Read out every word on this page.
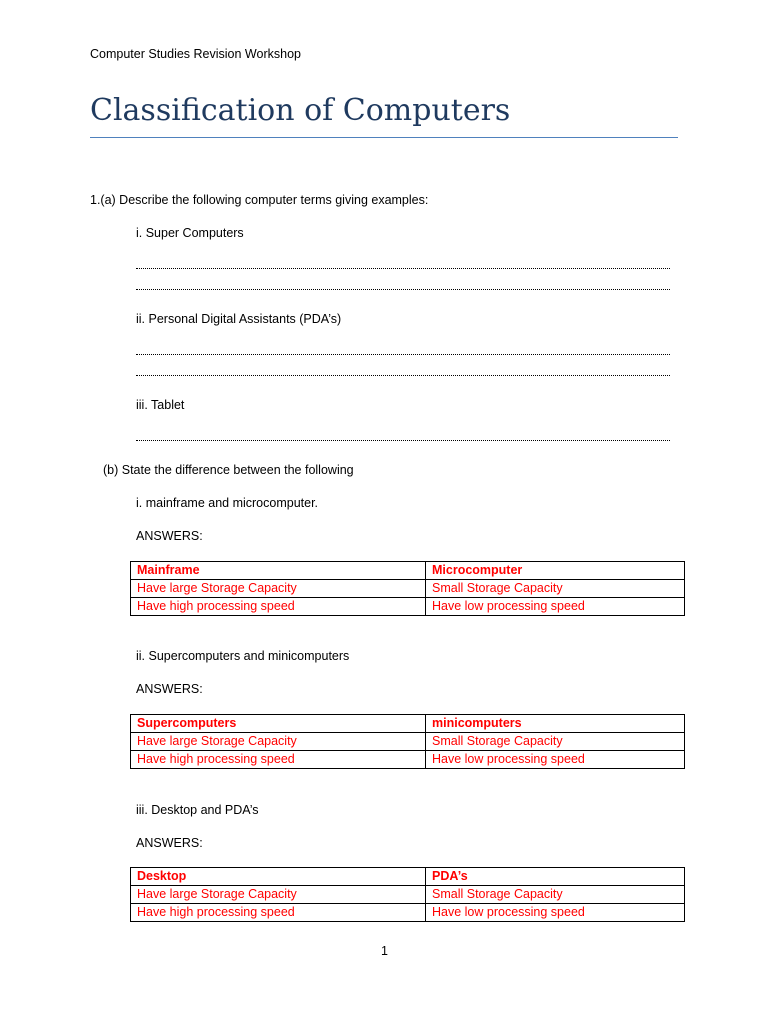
Computer Studies Revision Workshop
Classification of Computers
1.(a) Describe the following computer terms giving examples:
i. Super Computers
ii. Personal Digital Assistants (PDA’s)
iii. Tablet
(b) State the difference between the following
i. mainframe and microcomputer.
ANSWERS:
Mainframe	Microcomputer
Have large Storage Capacity	Small Storage Capacity
Have high processing speed	Have low processing speed
ii. Supercomputers and minicomputers
ANSWERS:
Supercomputers	minicomputers
Have large Storage Capacity	Small Storage Capacity
Have high processing speed	Have low processing speed
iii. Desktop and PDA’s
ANSWERS:
Desktop	PDA’s
Have large Storage Capacity	Small Storage Capacity
Have high processing speed	Have low processing speed
1
